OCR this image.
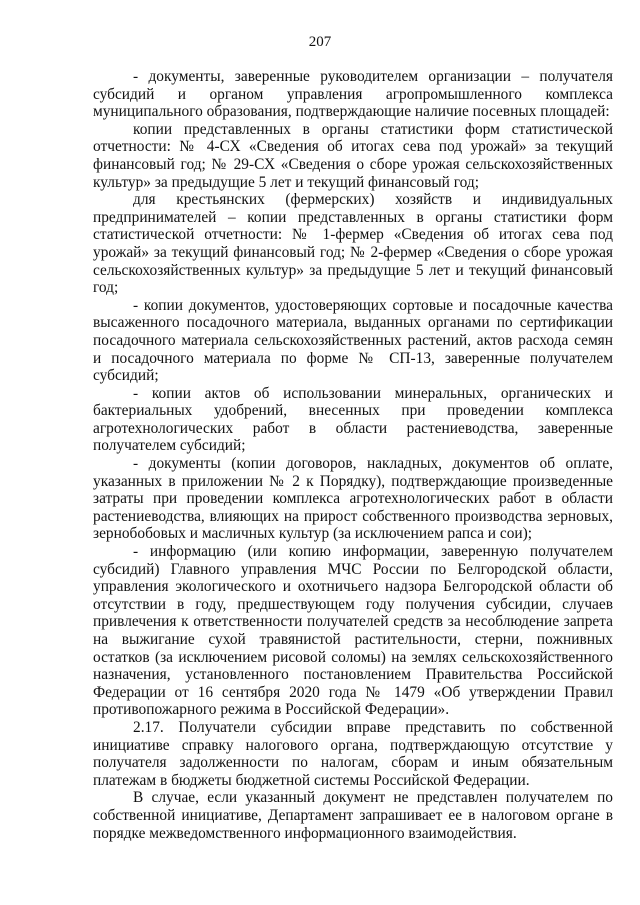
207

- документы, заверенные руководителем организации – получателя субсидий и органом управления агропромышленного комплекса муниципального образования, подтверждающие наличие посевных площадей:

копии представленных в органы статистики форм статистической отчетности: № 4-СХ «Сведения об итогах сева под урожай» за текущий финансовый год; № 29-СХ «Сведения о сборе урожая сельскохозяйственных культур» за предыдущие 5 лет и текущий финансовый год;

для крестьянских (фермерских) хозяйств и индивидуальных предпринимателей – копии представленных в органы статистики форм статистической отчетности: № 1-фермер «Сведения об итогах сева под урожай» за текущий финансовый год; № 2-фермер «Сведения о сборе урожая сельскохозяйственных культур» за предыдущие 5 лет и текущий финансовый год;

- копии документов, удостоверяющих сортовые и посадочные качества высаженного посадочного материала, выданных органами по сертификации посадочного материала сельскохозяйственных растений, актов расхода семян и посадочного материала по форме № СП-13, заверенные получателем субсидий;

- копии актов об использовании минеральных, органических и бактериальных удобрений, внесенных при проведении комплекса агротехнологических работ в области растениеводства, заверенные получателем субсидий;

- документы (копии договоров, накладных, документов об оплате, указанных в приложении № 2 к Порядку), подтверждающие произведенные затраты при проведении комплекса агротехнологических работ в области растениеводства, влияющих на прирост собственного производства зерновых, зернобобовых и масличных культур (за исключением рапса и сои);

- информацию (или копию информации, заверенную получателем субсидий) Главного управления МЧС России по Белгородской области, управления экологического и охотничьего надзора Белгородской области об отсутствии в году, предшествующем году получения субсидии, случаев привлечения к ответственности получателей средств за несоблюдение запрета на выжигание сухой травянистой растительности, стерни, пожнивных остатков (за исключением рисовой соломы) на землях сельскохозяйственного назначения, установленного постановлением Правительства Российской Федерации от 16 сентября 2020 года № 1479 «Об утверждении Правил противопожарного режима в Российской Федерации».

2.17. Получатели субсидии вправе представить по собственной инициативе справку налогового органа, подтверждающую отсутствие у получателя задолженности по налогам, сборам и иным обязательным платежам в бюджеты бюджетной системы Российской Федерации.

В случае, если указанный документ не представлен получателем по собственной инициативе, Департамент запрашивает ее в налоговом органе в порядке межведомственного информационного взаимодействия.
